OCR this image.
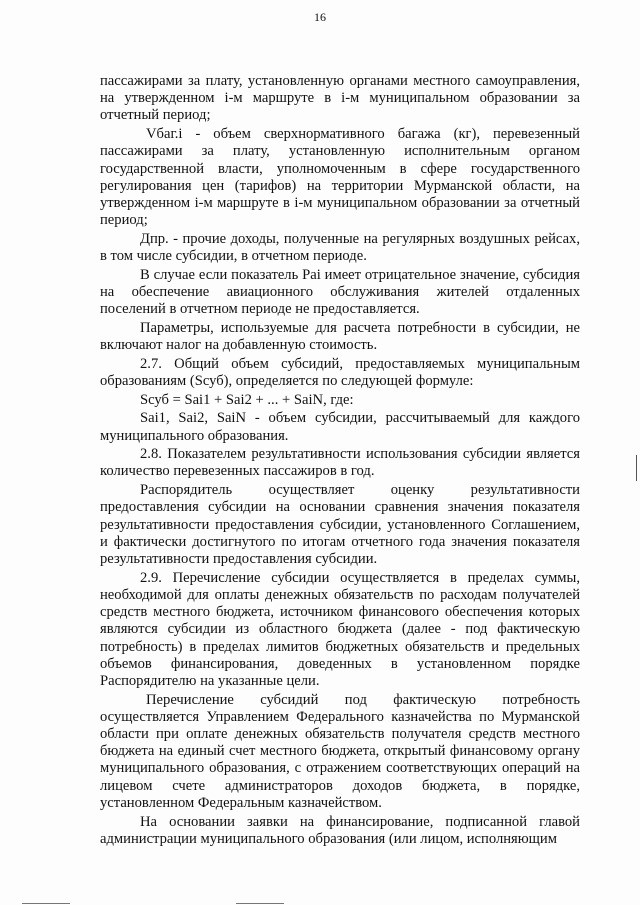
16

пассажирами за плату, установленную органами местного самоуправления, на утвержденном i-м маршруте в i-м муниципальном образовании за отчетный период;

Vбаг.i - объем сверхнормативного багажа (кг), перевезенный пассажирами за плату, установленную исполнительным органом государственной власти, уполномоченным в сфере государственного регулирования цен (тарифов) на территории Мурманской области, на утвержденном i-м маршруте в i-м муниципальном образовании за отчетный период;

Дпр. - прочие доходы, полученные на регулярных воздушных рейсах, в том числе субсидии, в отчетном периоде.

В случае если показатель Раi имеет отрицательное значение, субсидия на обеспечение авиационного обслуживания жителей отдаленных поселений в отчетном периоде не предоставляется.

Параметры, используемые для расчета потребности в субсидии, не включают налог на добавленную стоимость.

2.7. Общий объем субсидий, предоставляемых муниципальным образованиям (Sсуб), определяется по следующей формуле:

Sсуб = Sai1 + Sai2 + ... + SaiN, где:

Sai1, Sai2, SaiN - объем субсидии, рассчитываемый для каждого муниципального образования.

2.8. Показателем результативности использования субсидии является количество перевезенных пассажиров в год.

Распорядитель осуществляет оценку результативности предоставления субсидии на основании сравнения значения показателя результативности предоставления субсидии, установленного Соглашением, и фактически достигнутого по итогам отчетного года значения показателя результативности предоставления субсидии.

2.9. Перечисление субсидии осуществляется в пределах суммы, необходимой для оплаты денежных обязательств по расходам получателей средств местного бюджета, источником финансового обеспечения которых являются субсидии из областного бюджета (далее - под фактическую потребность) в пределах лимитов бюджетных обязательств и предельных объемов финансирования, доведенных в установленном порядке Распорядителю на указанные цели.

Перечисление субсидий под фактическую потребность осуществляется Управлением Федерального казначейства по Мурманской области при оплате денежных обязательств получателя средств местного бюджета на единый счет местного бюджета, открытый финансовому органу муниципального образования, с отражением соответствующих операций на лицевом счете администраторов доходов бюджета, в порядке, установленном Федеральным казначейством.

На основании заявки на финансирование, подписанной главой администрации муниципального образования (или лицом, исполняющим
